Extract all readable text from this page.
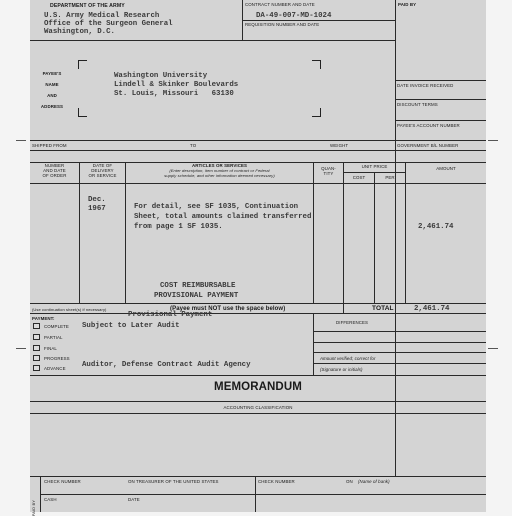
DEPARTMENT OF THE ARMY
U.S. Army Medical Research
Office of the Surgeon General
Washington, D.C.
CONTRACT NUMBER AND DATE
DA-49-007-MD-1024
REQUISITION NUMBER AND DATE
PAID BY
PAYEE'S
NAME
AND
ADDRESS
Washington University
Lindell & Skinker Boulevards
St. Louis, Missouri   63130
DATE INVOICE RECEIVED
DISCOUNT TERMS
PAYEE'S ACCOUNT NUMBER
GOVERNMENT B/L NUMBER
SHIPPED FROM	TO	WEIGHT
NUMBER
AND DATE
OF ORDER
DATE OF
DELIVERY
OR SERVICE
ARTICLES OR SERVICES
(Enter description, item number of contract or Federal
supply schedule, and other information deemed necessary)
QUAN-
TITY
UNIT PRICE
COST	PER
AMOUNT
Dec.
1967	For detail, see SF 1035, Continuation
Sheet, total amounts claimed transferred
from page 1 SF 1035.	2,461.74
COST REIMBURSABLE
PROVISIONAL PAYMENT
(Use continuation sheet(s) if necessary)	(Payee must NOT use the space below)	TOTAL	2,461.74
PAYMENT:
COMPLETE
PARTIAL
FINAL
PROGRESS
ADVANCE
Provisional Payment
Subject to Later Audit
Auditor, Defense Contract Audit Agency
DIFFERENCES
Amount verified; correct for
(Signature or initials)
MEMORANDUM
ACCOUNTING CLASSIFICATION
PAID BY
CHECK NUMBER	ON TREASURER OF THE UNITED STATES	CHECK NUMBER	ON (Name of bank)
CASH	DATE
